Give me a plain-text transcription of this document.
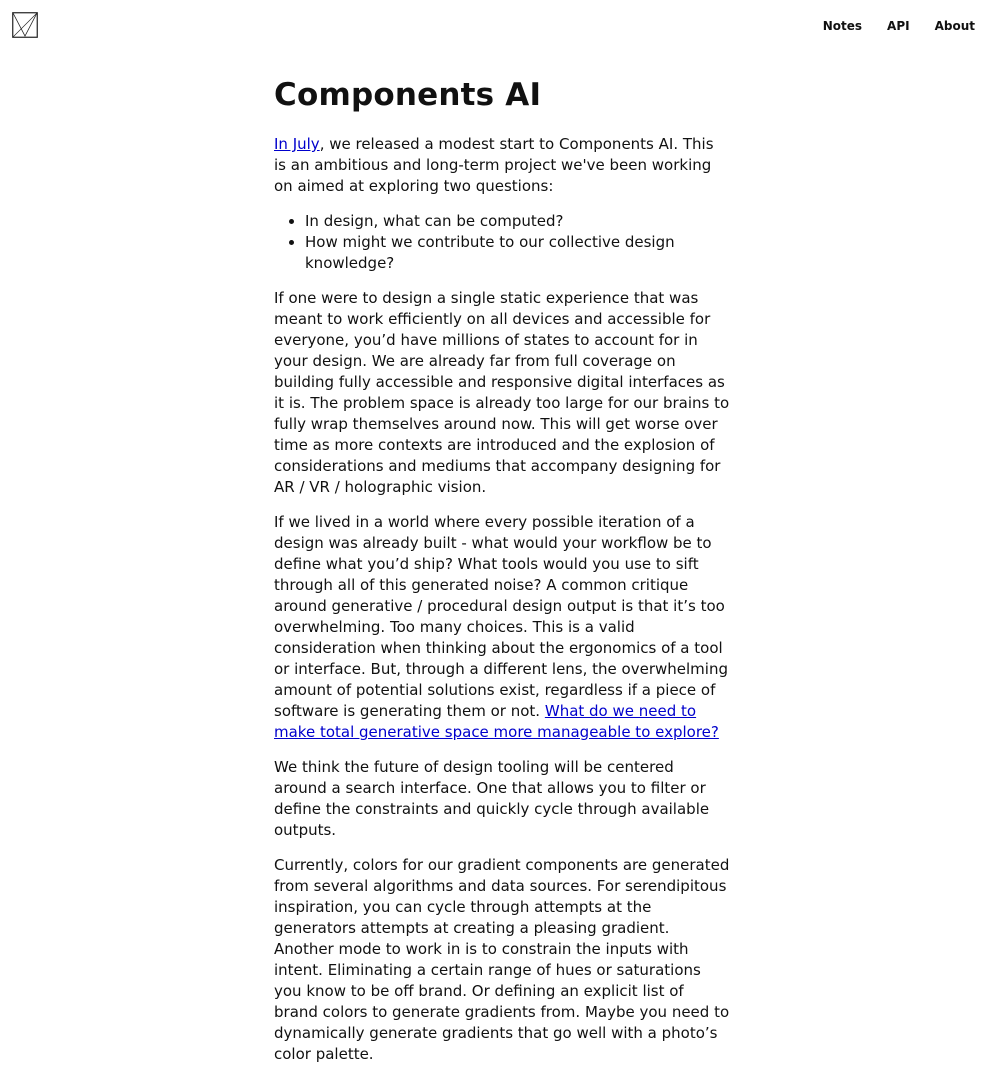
Notes API About
Components AI

In July, we released a modest start to Components AI. This is an ambitious and long-term project we've been working on aimed at exploring two questions:

• In design, what can be computed?
• How might we contribute to our collective design knowledge?

If one were to design a single static experience that was meant to work efficiently on all devices and accessible for everyone, you’d have millions of states to account for in your design. We are already far from full coverage on building fully accessible and responsive digital interfaces as it is. The problem space is already too large for our brains to fully wrap themselves around now. This will get worse over time as more contexts are introduced and the explosion of considerations and mediums that accompany designing for AR / VR / holographic vision.

If we lived in a world where every possible iteration of a design was already built - what would your workflow be to define what you’d ship? What tools would you use to sift through all of this generated noise? A common critique around generative / procedural design output is that it’s too overwhelming. Too many choices. This is a valid consideration when thinking about the ergonomics of a tool or interface. But, through a different lens, the overwhelming amount of potential solutions exist, regardless if a piece of software is generating them or not. What do we need to make total generative space more manageable to explore?

We think the future of design tooling will be centered around a search interface. One that allows you to filter or define the constraints and quickly cycle through available outputs.

Currently, colors for our gradient components are generated from several algorithms and data sources. For serendipitous inspiration, you can cycle through attempts at the generators attempts at creating a pleasing gradient. Another mode to work in is to constrain the inputs with intent. Eliminating a certain range of hues or saturations you know to be off brand. Or defining an explicit list of brand colors to generate gradients from. Maybe you need to dynamically generate gradients that go well with a photo’s color palette.
